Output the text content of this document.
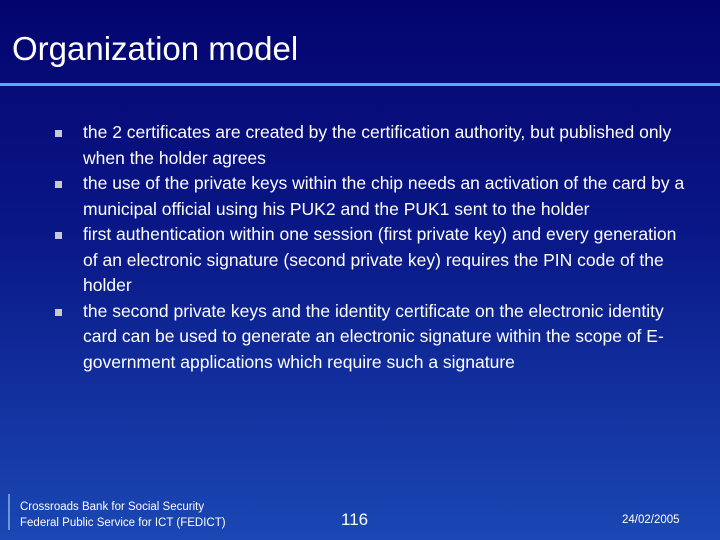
Organization model
the 2 certificates are created by the certification authority, but published only when the holder agrees
the use of the private keys within the chip needs an activation of the card by a municipal official using his PUK2 and the PUK1 sent to the holder
first authentication within one session (first private key) and every generation of an electronic signature (second private key) requires the PIN code of the holder
the second private keys and the identity certificate on the electronic identity card can be used to generate an electronic signature within the scope of E-government applications which require such a signature
Crossroads Bank for Social Security
Federal Public Service for ICT (FEDICT)	116	24/02/2005
